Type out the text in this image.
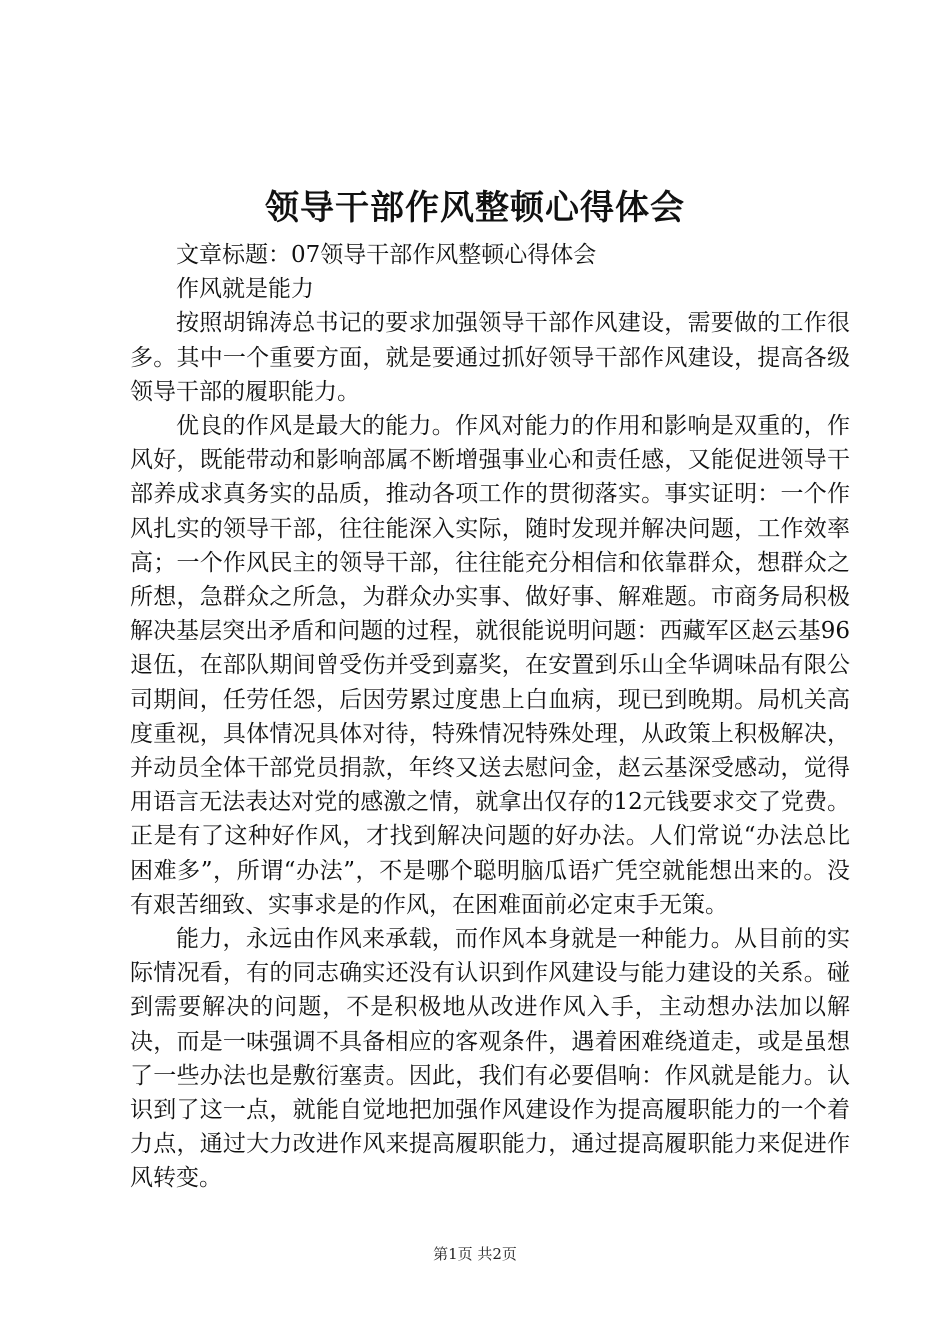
领导干部作风整顿心得体会

文章标题：07领导干部作风整顿心得体会

作风就是能力

按照胡锦涛总书记的要求加强领导干部作风建设，需要做的工作很多。其中一个重要方面，就是要通过抓好领导干部作风建设，提高各级领导干部的履职能力。

优良的作风是最大的能力。作风对能力的作用和影响是双重的，作风好，既能带动和影响部属不断增强事业心和责任感，又能促进领导干部养成求真务实的品质，推动各项工作的贯彻落实。事实证明：一个作风扎实的领导干部，往往能深入实际，随时发现并解决问题，工作效率高；一个作风民主的领导干部，往往能充分相信和依靠群众，想群众之所想，急群众之所急，为群众办实事、做好事、解难题。市商务局积极解决基层突出矛盾和问题的过程，就很能说明问题：西藏军区赵云基96退伍，在部队期间曾受伤并受到嘉奖，在安置到乐山全华调味品有限公司期间，任劳任怨，后因劳累过度患上白血病，现已到晚期。局机关高度重视，具体情况具体对待，特殊情况特殊处理，从政策上积极解决，并动员全体干部党员捐款，年终又送去慰问金，赵云基深受感动，觉得用语言无法表达对党的感激之情，就拿出仅存的12元钱要求交了党费。正是有了这种好作风，才找到解决问题的好办法。人们常说“办法总比困难多”，所谓“办法”，不是哪个聪明脑瓜语疒凭空就能想出来的。没有艰苦细致、实事求是的作风，在困难面前必定束手无策。

能力，永远由作风来承载，而作风本身就是一种能力。从目前的实际情况看，有的同志确实还没有认识到作风建设与能力建设的关系。碰到需要解决的问题，不是积极地从改进作风入手，主动想办法加以解决，而是一味强调不具备相应的客观条件，遇着困难绕道走，或是虽想了一些办法也是敷衍塞责。因此，我们有必要倡响：作风就是能力。认识到了这一点，就能自觉地把加强作风建设作为提高履职能力的一个着力点，通过大力改进作风来提高履职能力，通过提高履职能力来促进作风转变。

第1页 共2页
